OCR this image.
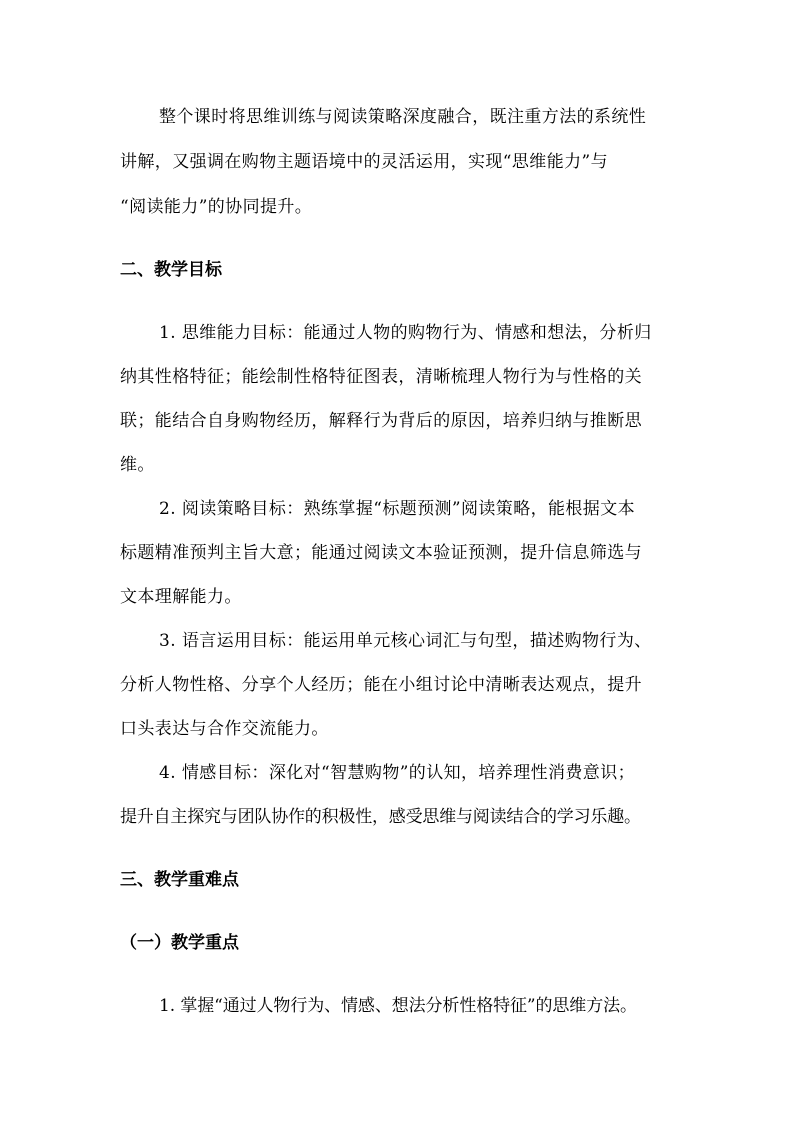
整个课时将思维训练与阅读策略深度融合，既注重方法的系统性
讲解，又强调在购物主题语境中的灵活运用，实现“思维能力”与
“阅读能力”的协同提升。
二、教学目标
1. 思维能力目标：能通过人物的购物行为、情感和想法，分析归
纳其性格特征；能绘制性格特征图表，清晰梳理人物行为与性格的关
联；能结合自身购物经历，解释行为背后的原因，培养归纳与推断思
维。
2. 阅读策略目标：熟练掌握“标题预测”阅读策略，能根据文本
标题精准预判主旨大意；能通过阅读文本验证预测，提升信息筛选与
文本理解能力。
3. 语言运用目标：能运用单元核心词汇与句型，描述购物行为、
分析人物性格、分享个人经历；能在小组讨论中清晰表达观点，提升
口头表达与合作交流能力。
4. 情感目标：深化对“智慧购物”的认知，培养理性消费意识；
提升自主探究与团队协作的积极性，感受思维与阅读结合的学习乐趣。
三、教学重难点
（一）教学重点
1. 掌握“通过人物行为、情感、想法分析性格特征”的思维方法。
